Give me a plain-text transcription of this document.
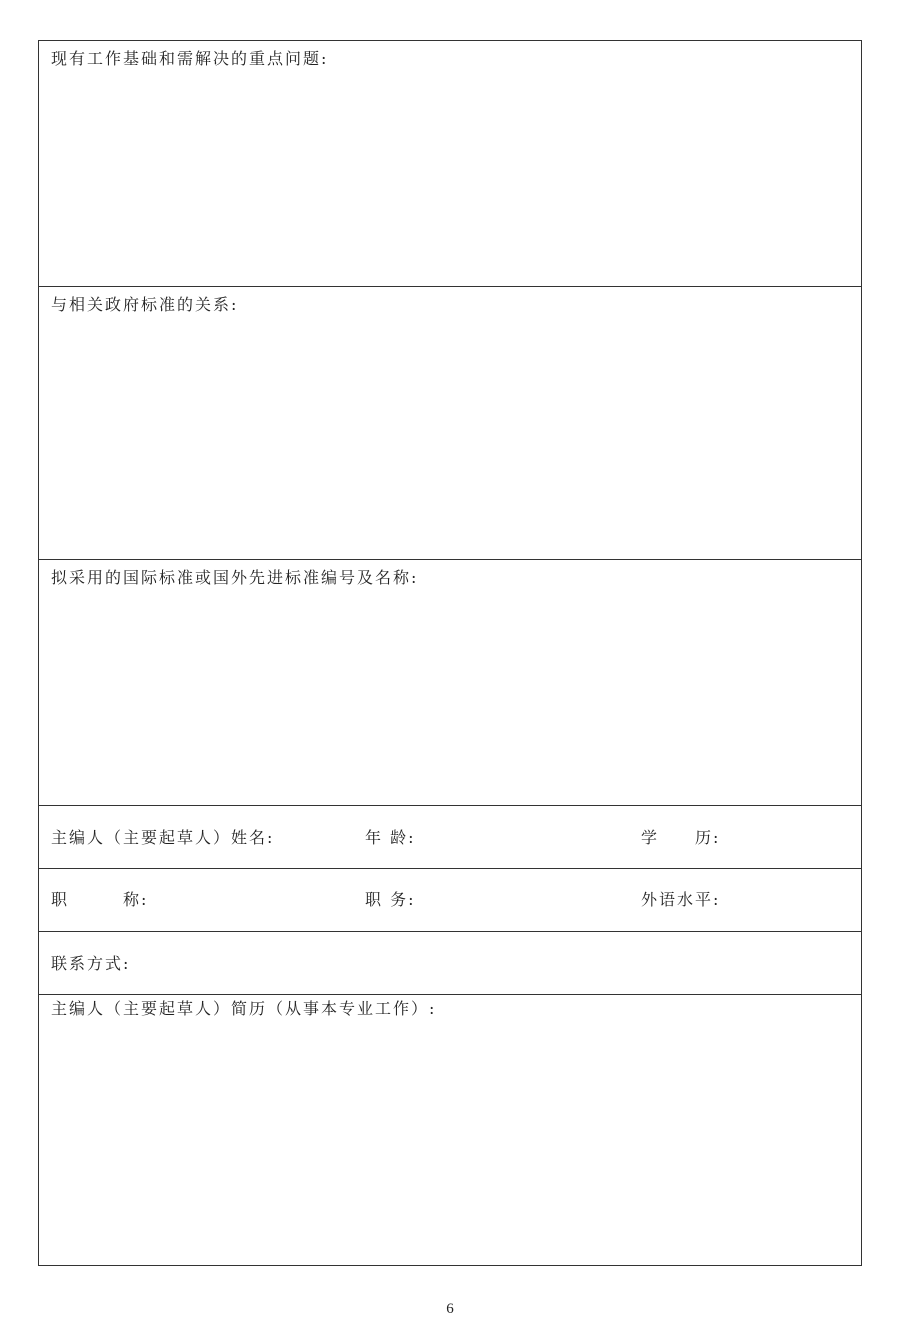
现有工作基础和需解决的重点问题:
与相关政府标准的关系:
拟采用的国际标准或国外先进标准编号及名称:
主编人（主要起草人）姓名:	年 龄:	学　　历:
职　　　称:	职 务:	外语水平:
联系方式:
主编人（主要起草人）简历（从事本专业工作）:
6
